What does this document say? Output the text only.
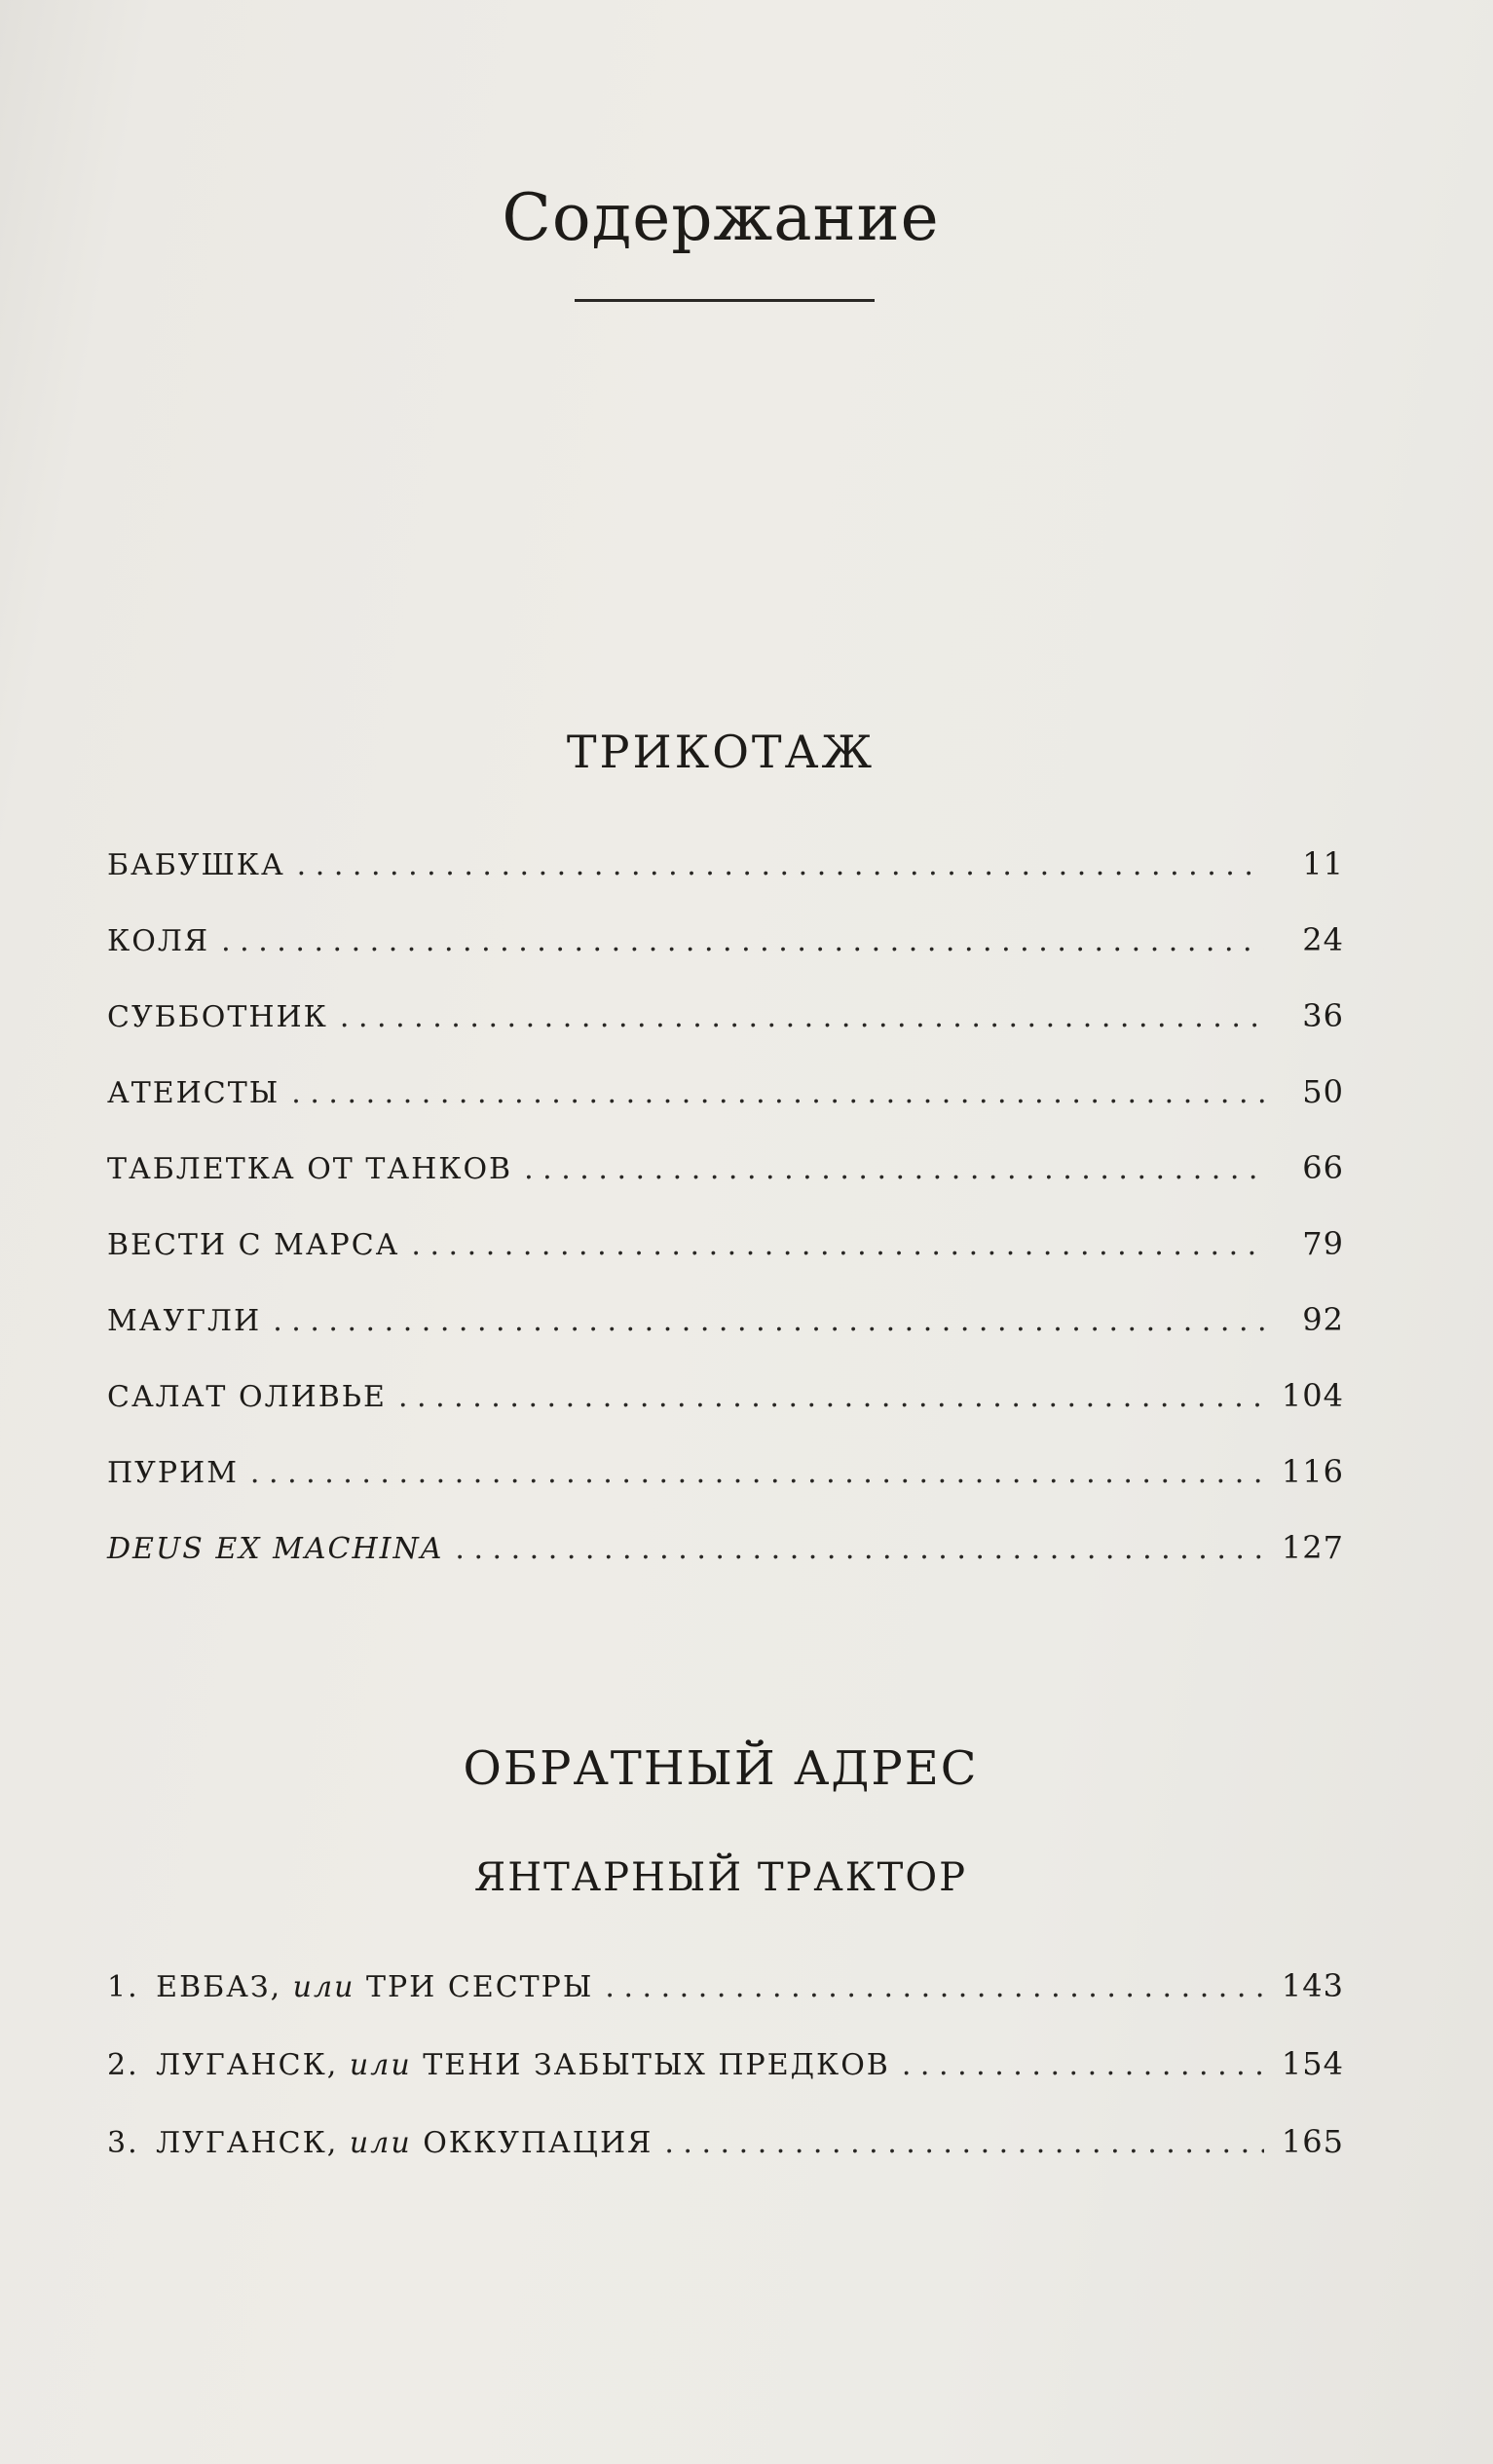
Содержание
ТРИКОТАЖ
БАБУШКА . . .	11
КОЛЯ . . .	24
СУББОТНИК . . .	36
АТЕИСТЫ . . .	50
ТАБЛЕТКА ОТ ТАНКОВ . . .	66
ВЕСТИ С МАРСА . . .	79
МАУГЛИ . . .	92
САЛАТ ОЛИВЬЕ . . .	104
ПУРИМ . . .	116
DEUS EX MACHINA . . .	127
ОБРАТНЫЙ АДРЕС
ЯНТАРНЫЙ ТРАКТОР
1. ЕВБАЗ, или ТРИ СЕСТРЫ . . .	143
2. ЛУГАНСК, или ТЕНИ ЗАБЫТЫХ ПРЕДКОВ . . .	154
3. ЛУГАНСК, или ОККУПАЦИЯ . . .	165
